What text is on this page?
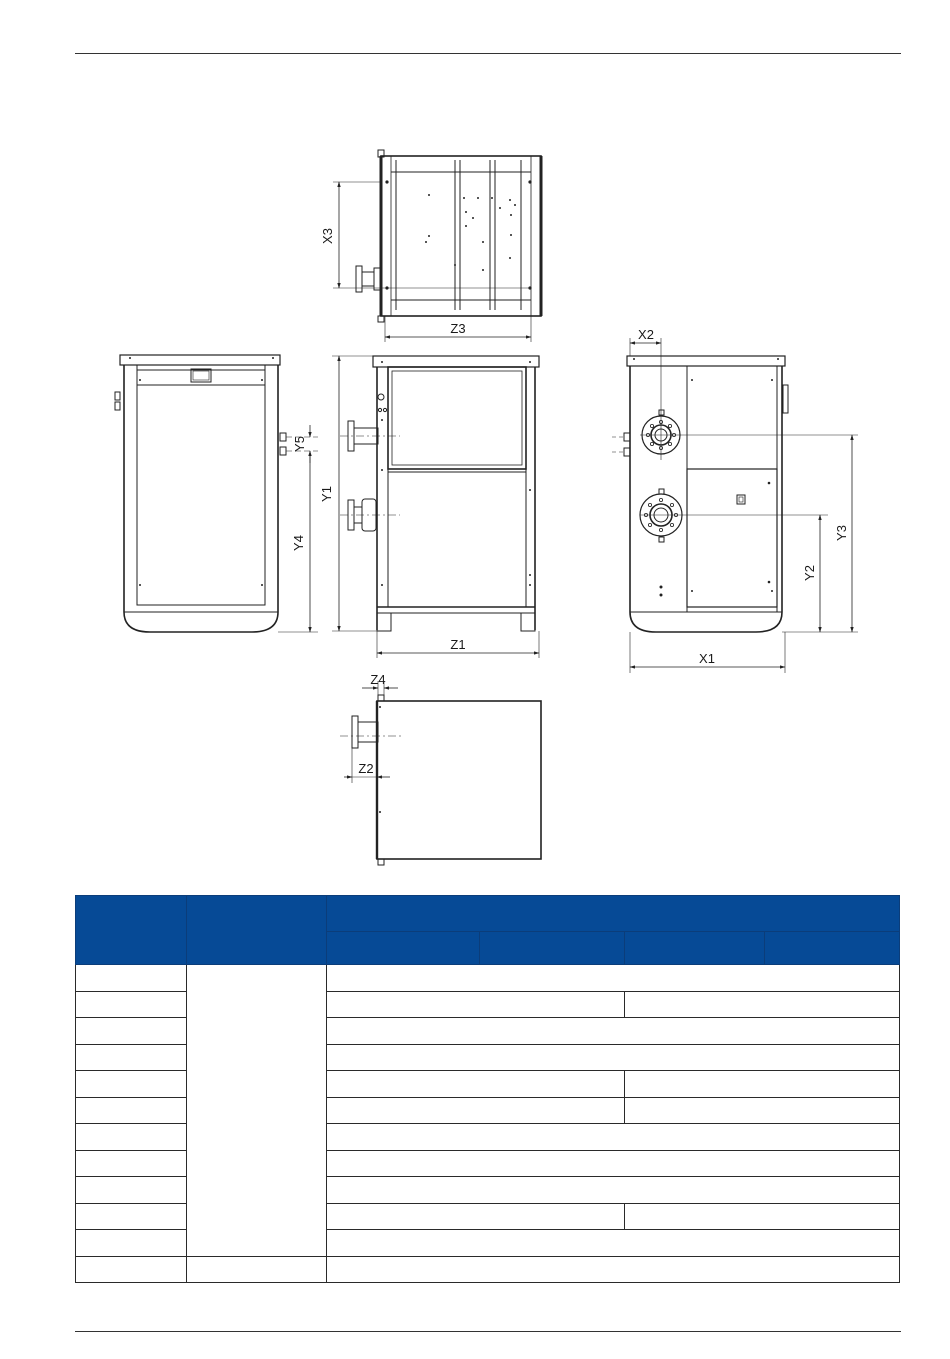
X3
Z3
Y5
Y4
Y1
Z1
X2
Y2
Y3
X1
Z4
Z2
